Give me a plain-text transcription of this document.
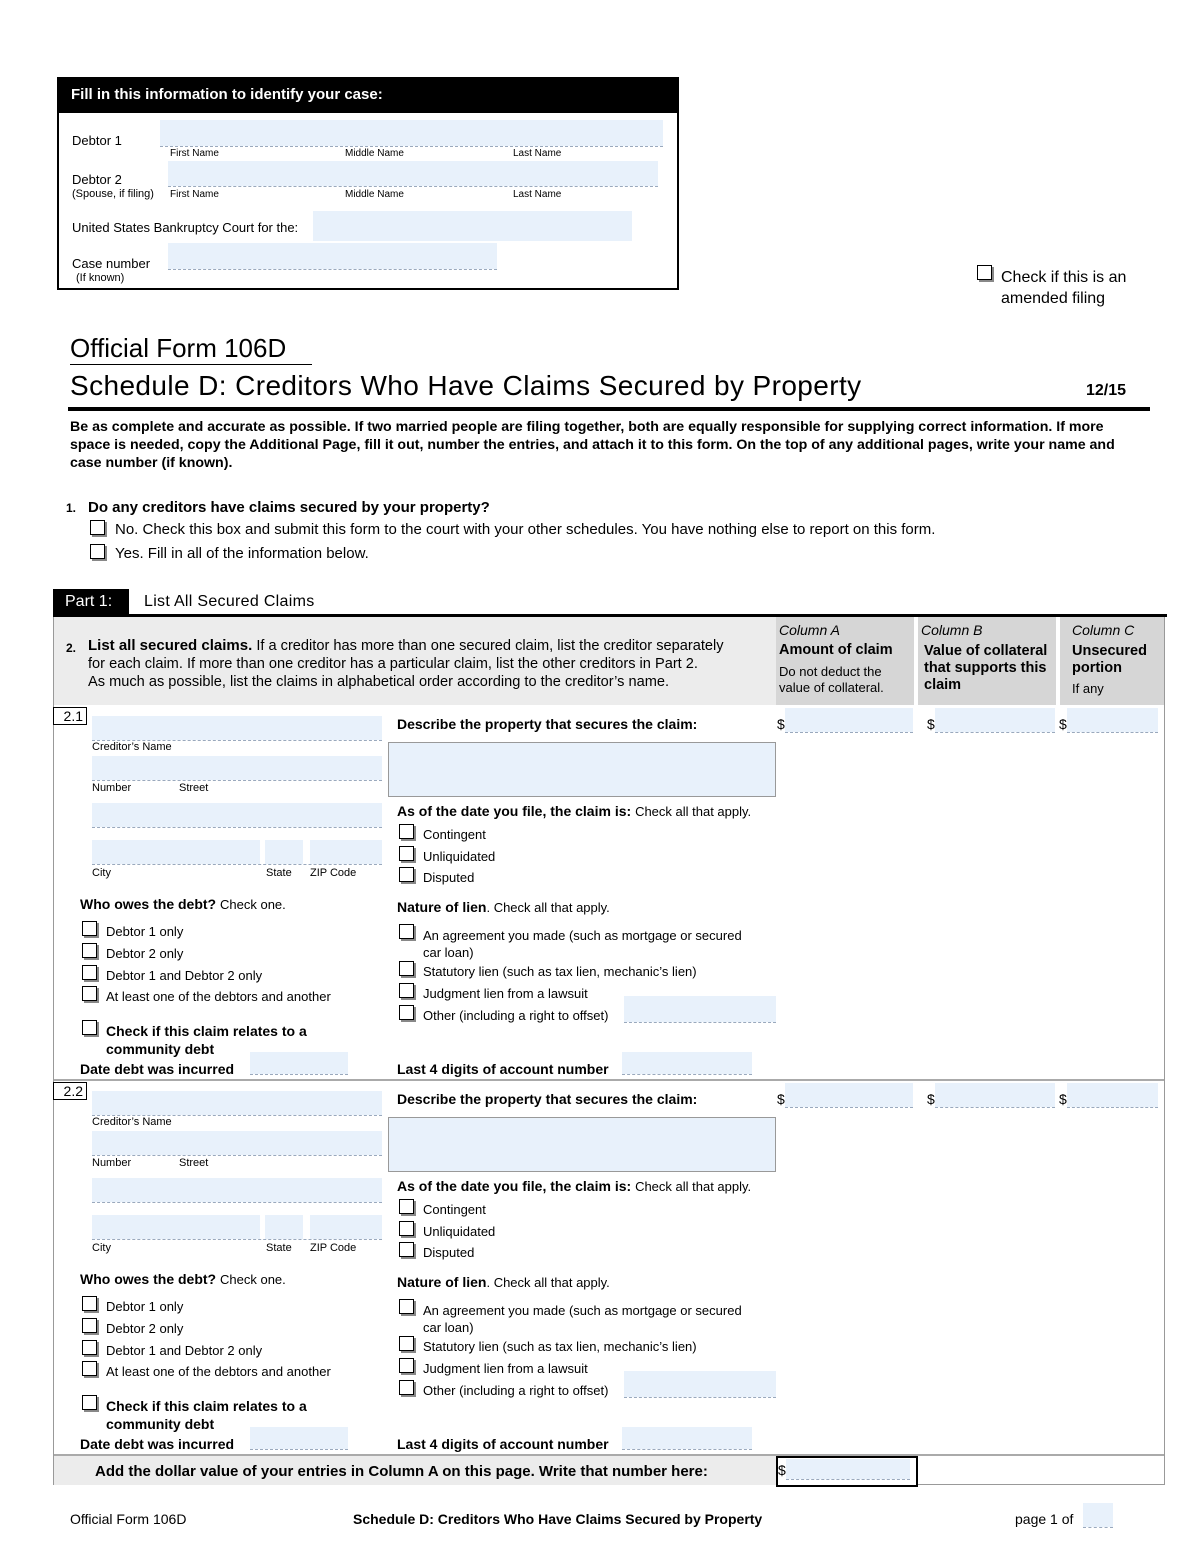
Fill in this information to identify your case:
Debtor 1
First Name	Middle Name	Last Name
Debtor 2
(Spouse, if filing) First Name	Middle Name	Last Name
United States Bankruptcy Court for the:
Case number
(If known)	Check if this is an
amended filing
Official Form 106D
Schedule D: Creditors Who Have Claims Secured by Property	12/15
Be as complete and accurate as possible. If two married people are filing together, both are equally responsible for supplying correct information. If more space is needed, copy the Additional Page, fill it out, number the entries, and attach it to this form. On the top of any additional pages, write your name and case number (if known).
1. Do any creditors have claims secured by your property?
No. Check this box and submit this form to the court with your other schedules. You have nothing else to report on this form.
Yes. Fill in all of the information below.
Part 1:	List All Secured Claims
2. List all secured claims. If a creditor has more than one secured claim, list the creditor separately
for each claim. If more than one creditor has a particular claim, list the other creditors in Part 2.
As much as possible, list the claims in alphabetical order according to the creditor’s name.
Column A
Amount of claim
Do not deduct the
value of collateral.
Column B
Value of collateral
that supports this
claim
Column C
Unsecured
portion
If any
2.1
Creditor’s Name
Number	Street
City	State ZIP Code
Who owes the debt? Check one.
Debtor 1 only
Debtor 2 only
Debtor 1 and Debtor 2 only
At least one of the debtors and another
Check if this claim relates to a
community debt
Date debt was incurred
Describe the property that secures the claim:
As of the date you file, the claim is: Check all that apply.
Contingent
Unliquidated
Disputed
Nature of lien. Check all that apply.
An agreement you made (such as mortgage or secured
car loan)
Statutory lien (such as tax lien, mechanic’s lien)
Judgment lien from a lawsuit
Other (including a right to offset)
Last 4 digits of account number
$	$	$
2.2
Creditor’s Name
Number	Street
City	State ZIP Code
Who owes the debt? Check one.
Debtor 1 only
Debtor 2 only
Debtor 1 and Debtor 2 only
At least one of the debtors and another
Check if this claim relates to a
community debt
Date debt was incurred
Describe the property that secures the claim:
As of the date you file, the claim is: Check all that apply.
Contingent
Unliquidated
Disputed
Nature of lien. Check all that apply.
An agreement you made (such as mortgage or secured
car loan)
Statutory lien (such as tax lien, mechanic’s lien)
Judgment lien from a lawsuit
Other (including a right to offset)
Last 4 digits of account number
$	$	$
Add the dollar value of your entries in Column A on this page. Write that number here:	$
Official Form 106D	Schedule D: Creditors Who Have Claims Secured by Property	page 1 of
